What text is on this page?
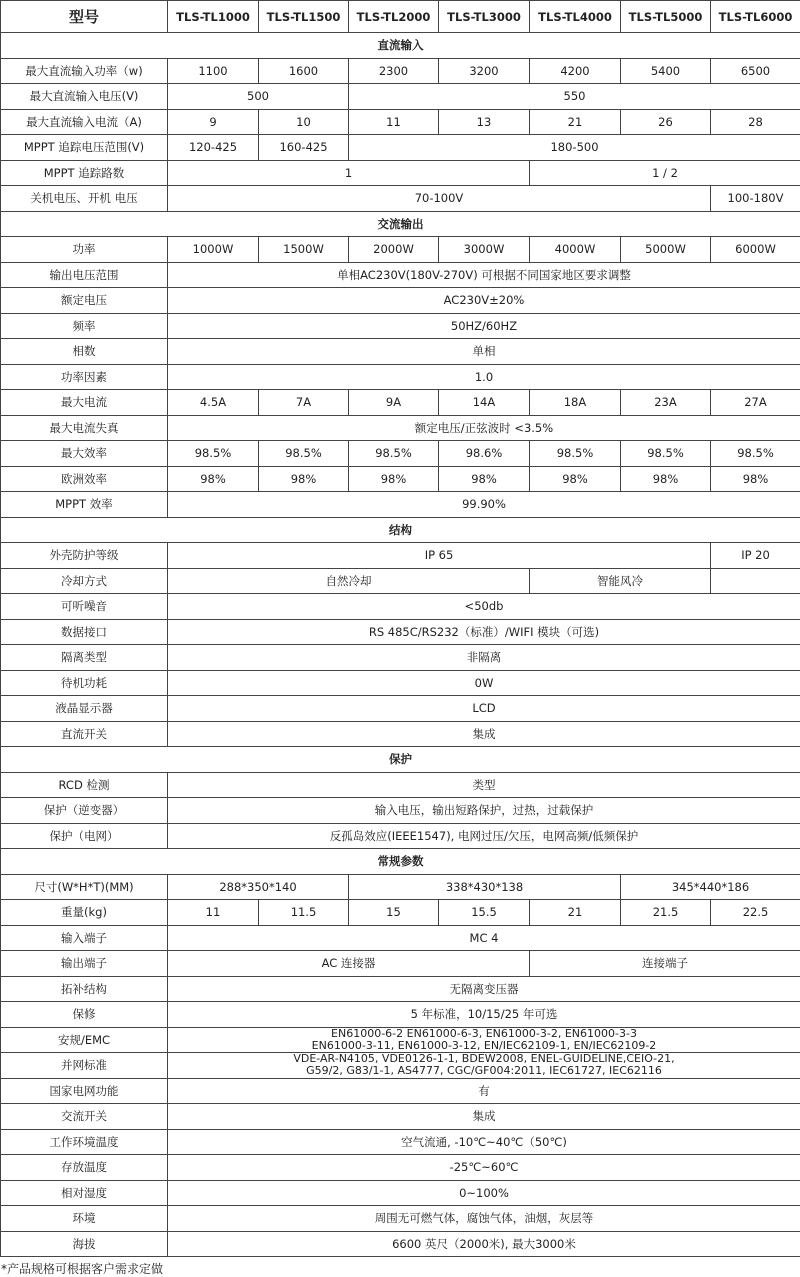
型号	TLS-TL1000	TLS-TL1500	TLS-TL2000	TLS-TL3000	TLS-TL4000	TLS-TL5000	TLS-TL6000
直流输入							
最大直流输入功率（w)	1100	1600	2300	3200	4200	5400	6500
最大直流输入电压(V)	500		550				
最大直流输入电流（A)	9	10	11	13	21	26	28
MPPT 追踪电压范围(V)	120-425	160-425	180-500				
MPPT 追踪路数	1				1 / 2		
关机电压、开机 电压	70-100V						100-180V
交流输出							
功率	1000W	1500W	2000W	3000W	4000W	5000W	6000W
输出电压范围	单相AC230V(180V-270V) 可根据不同国家地区要求调整						
额定电压	AC230V±20%						
频率	50HZ/60HZ						
相数	单相						
功率因素	1.0						
最大电流	4.5A	7A	9A	14A	18A	23A	27A
最大电流失真	额定电压/正弦波时 <3.5%						
最大效率	98.5%	98.5%	98.5%	98.6%	98.5%	98.5%	98.5%
欧洲效率	98%	98%	98%	98%	98%	98%	98%
MPPT 效率	99.90%						
结构							
外壳防护等级	IP 65						IP 20
冷却方式	自然冷却				智能风冷		
可听噪音	<50db						
数据接口	RS 485C/RS232（标准）/WIFI 模块（可选)						
隔离类型	非隔离						
待机功耗	0W						
液晶显示器	LCD						
直流开关	集成						
保护							
RCD 检测	类型						
保护（逆变器）	输入电压，输出短路保护，过热，过载保护						
保护（电网）	反孤岛效应(IEEE1547), 电网过压/欠压，电网高频/低频保护						
常规参数							
尺寸(W*H*T)(MM)	288*350*140		338*430*138			345*440*186	
重量(kg)	11	11.5	15	15.5	21	21.5	22.5
输入端子	MC 4						
输出端子	AC 连接器				连接端子		
拓补结构	无隔离变压器						
保修	5 年标准，10/15/25 年可选						
安规/EMC	EN61000-6-2 EN61000-6-3, EN61000-3-2, EN61000-3-3
EN61000-3-11, EN61000-3-12, EN/IEC62109-1, EN/IEC62109-2						
并网标准	VDE-AR-N4105, VDE0126-1-1, BDEW2008, ENEL-GUIDELINE,CEIO-21,
G59/2, G83/1-1, AS4777, CGC/GF004:2011, IEC61727, IEC62116						
国家电网功能	有						
交流开关	集成						
工作环境温度	空气流通, -10℃~40℃（50℃)						
存放温度	-25℃~60℃						
相对湿度	0~100%						
环境	周围无可燃气体，腐蚀气体，油烟，灰层等						
海拔	6600 英尺（2000米), 最大3000米						
*产品规格可根据客户需求定做
